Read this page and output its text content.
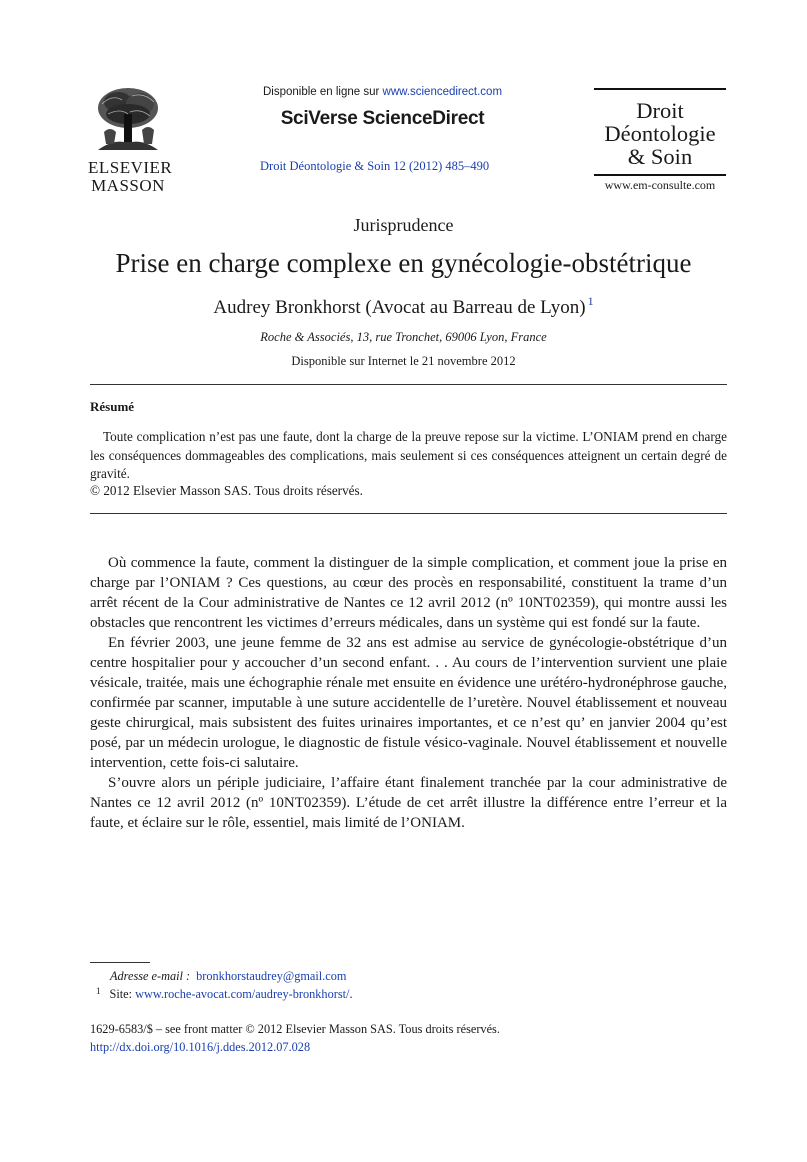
ELSEVIER
MASSON
Disponible en ligne sur www.sciencedirect.com
SciVerse ScienceDirect
Droit Déontologie & Soin 12 (2012) 485–490
Droit
Déontologie
& Soin
www.em-consulte.com
Jurisprudence
Prise en charge complexe en gynécologie-obstétrique
Audrey Bronkhorst (Avocat au Barreau de Lyon) $^1$
Roche & Associés, 13, rue Tronchet, 69006 Lyon, France
Disponible sur Internet le 21 novembre 2012
Résumé

Toute complication n’est pas une faute, dont la charge de la preuve repose sur la victime. L’ONIAM prend en charge les conséquences dommageables des complications, mais seulement si ces conséquences atteignent un certain degré de gravité.

© 2012 Elsevier Masson SAS. Tous droits réservés.

Où commence la faute, comment la distinguer de la simple complication, et comment joue la prise en charge par l’ONIAM ? Ces questions, au cœur des procès en responsabilité, constituent la trame d’un arrêt récent de la Cour administrative de Nantes ce 12 avril 2012 (nº 10NT02359), qui montre aussi les obstacles que rencontrent les victimes d’erreurs médicales, dans un système qui est fondé sur la faute.

En février 2003, une jeune femme de 32 ans est admise au service de gynécologie-obstétrique d’un centre hospitalier pour y accoucher d’un second enfant. . . Au cours de l’intervention survient une plaie vésicale, traitée, mais une échographie rénale met ensuite en évidence une urétéro-hydronéphrose gauche, confirmée par scanner, imputable à une suture accidentelle de l’uretère. Nouvel établissement et nouveau geste chirurgical, mais subsistent des fuites urinaires importantes, et ce n’est qu’ en janvier 2004 qu’est posé, par un médecin urologue, le diagnostic de fistule vésico-vaginale. Nouvel établissement et nouvelle intervention, cette fois-ci salutaire.

S’ouvre alors un périple judiciaire, l’affaire étant finalement tranchée par la cour administrative de Nantes ce 12 avril 2012 (nº 10NT02359). L’étude de cet arrêt illustre la différence entre l’erreur et la faute, et éclaire sur le rôle, essentiel, mais limité de l’ONIAM.

Adresse e-mail : bronkhorstaudrey@gmail.com
$^1$ Site: www.roche-avocat.com/audrey-bronkhorst/.
1629-6583/$ – see front matter © 2012 Elsevier Masson SAS. Tous droits réservés.
http://dx.doi.org/10.1016/j.ddes.2012.07.028
